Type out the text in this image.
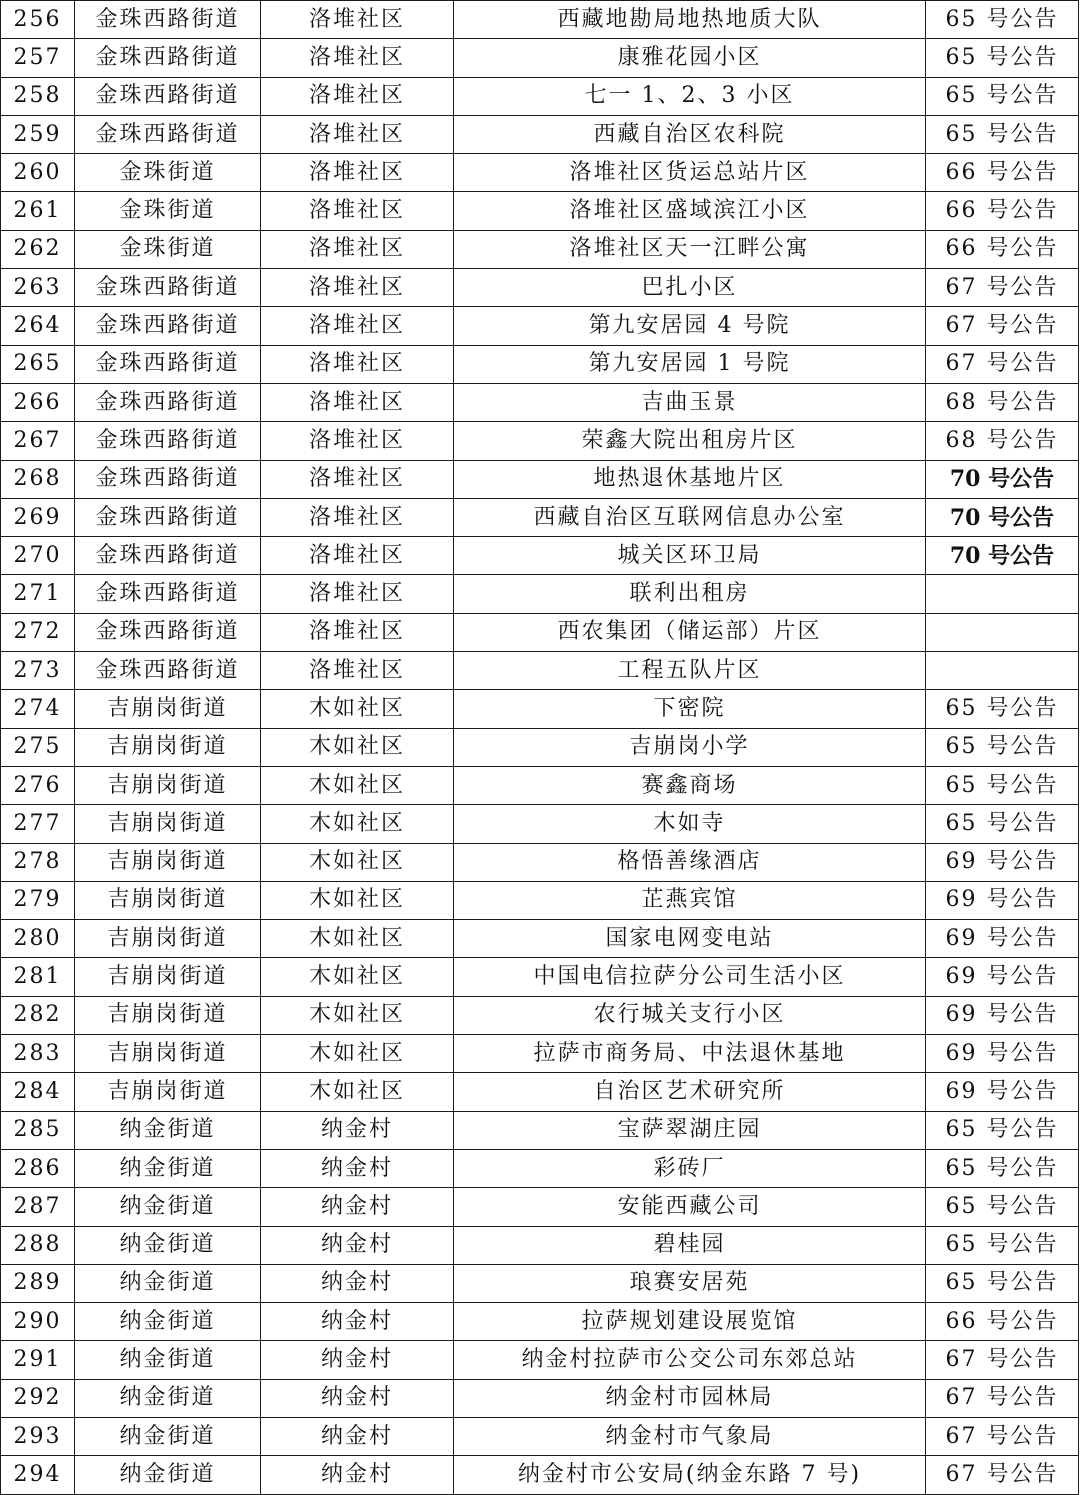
256	金珠西路街道	洛堆社区	西藏地勘局地热地质大队	65 号公告
257	金珠西路街道	洛堆社区	康雅花园小区	65 号公告
258	金珠西路街道	洛堆社区	七一 1、2、3 小区	65 号公告
259	金珠西路街道	洛堆社区	西藏自治区农科院	65 号公告
260	金珠街道	洛堆社区	洛堆社区货运总站片区	66 号公告
261	金珠街道	洛堆社区	洛堆社区盛域滨江小区	66 号公告
262	金珠街道	洛堆社区	洛堆社区天一江畔公寓	66 号公告
263	金珠西路街道	洛堆社区	巴扎小区	67 号公告
264	金珠西路街道	洛堆社区	第九安居园 4 号院	67 号公告
265	金珠西路街道	洛堆社区	第九安居园 1 号院	67 号公告
266	金珠西路街道	洛堆社区	吉曲玉景	68 号公告
267	金珠西路街道	洛堆社区	荣鑫大院出租房片区	68 号公告
268	金珠西路街道	洛堆社区	地热退休基地片区	70 号公告
269	金珠西路街道	洛堆社区	西藏自治区互联网信息办公室	70 号公告
270	金珠西路街道	洛堆社区	城关区环卫局	70 号公告
271	金珠西路街道	洛堆社区	联利出租房	
272	金珠西路街道	洛堆社区	西农集团（储运部）片区	
273	金珠西路街道	洛堆社区	工程五队片区	
274	吉崩岗街道	木如社区	下密院	65 号公告
275	吉崩岗街道	木如社区	吉崩岗小学	65 号公告
276	吉崩岗街道	木如社区	赛鑫商场	65 号公告
277	吉崩岗街道	木如社区	木如寺	65 号公告
278	吉崩岗街道	木如社区	格悟善缘酒店	69 号公告
279	吉崩岗街道	木如社区	芷燕宾馆	69 号公告
280	吉崩岗街道	木如社区	国家电网变电站	69 号公告
281	吉崩岗街道	木如社区	中国电信拉萨分公司生活小区	69 号公告
282	吉崩岗街道	木如社区	农行城关支行小区	69 号公告
283	吉崩岗街道	木如社区	拉萨市商务局、中法退休基地	69 号公告
284	吉崩岗街道	木如社区	自治区艺术研究所	69 号公告
285	纳金街道	纳金村	宝萨翠湖庄园	65 号公告
286	纳金街道	纳金村	彩砖厂	65 号公告
287	纳金街道	纳金村	安能西藏公司	65 号公告
288	纳金街道	纳金村	碧桂园	65 号公告
289	纳金街道	纳金村	琅赛安居苑	65 号公告
290	纳金街道	纳金村	拉萨规划建设展览馆	66 号公告
291	纳金街道	纳金村	纳金村拉萨市公交公司东郊总站	67 号公告
292	纳金街道	纳金村	纳金村市园林局	67 号公告
293	纳金街道	纳金村	纳金村市气象局	67 号公告
294	纳金街道	纳金村	纳金村市公安局(纳金东路 7 号)	67 号公告
